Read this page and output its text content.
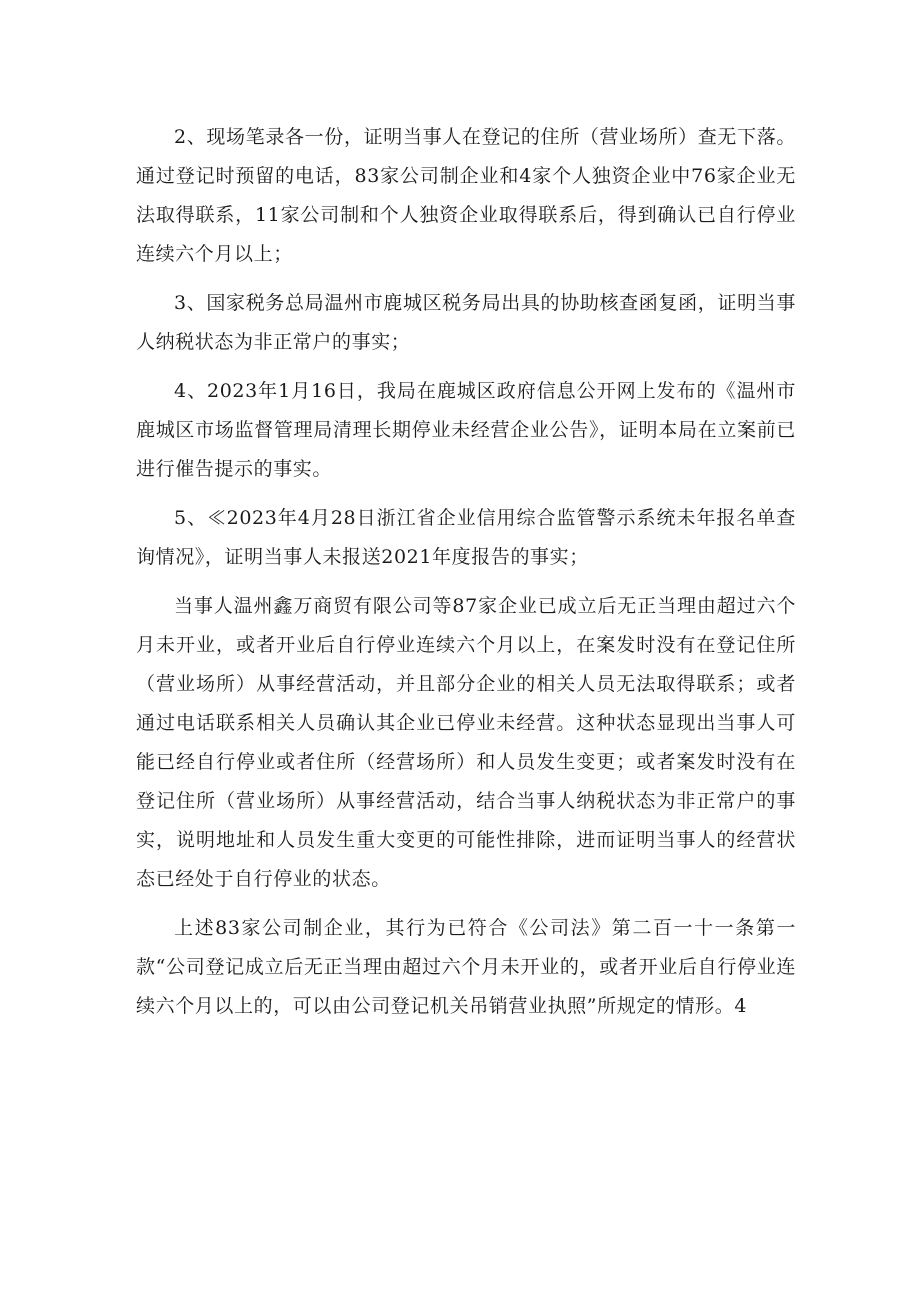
2、现场笔录各一份，证明当事人在登记的住所（营业场所）查无下落。通过登记时预留的电话，83家公司制企业和4家个人独资企业中76家企业无法取得联系，11家公司制和个人独资企业取得联系后，得到确认已自行停业连续六个月以上；

3、国家税务总局温州市鹿城区税务局出具的协助核查函复函，证明当事人纳税状态为非正常户的事实；

4、2023年1月16日，我局在鹿城区政府信息公开网上发布的《温州市鹿城区市场监督管理局清理长期停业未经营企业公告》，证明本局在立案前已进行催告提示的事实。

5、≪2023年4月28日浙江省企业信用综合监管警示系统未年报名单查询情况》，证明当事人未报送2021年度报告的事实；

当事人温州鑫万商贸有限公司等87家企业已成立后无正当理由超过六个月未开业，或者开业后自行停业连续六个月以上，在案发时没有在登记住所（营业场所）从事经营活动，并且部分企业的相关人员无法取得联系；或者通过电话联系相关人员确认其企业已停业未经营。这种状态显现出当事人可能已经自行停业或者住所（经营场所）和人员发生变更；或者案发时没有在登记住所（营业场所）从事经营活动，结合当事人纳税状态为非正常户的事实，说明地址和人员发生重大变更的可能性排除，进而证明当事人的经营状态已经处于自行停业的状态。

上述83家公司制企业，其行为已符合《公司法》第二百一十一条第一款“公司登记成立后无正当理由超过六个月未开业的，或者开业后自行停业连续六个月以上的，可以由公司登记机关吊销营业执照”所规定的情形。4
